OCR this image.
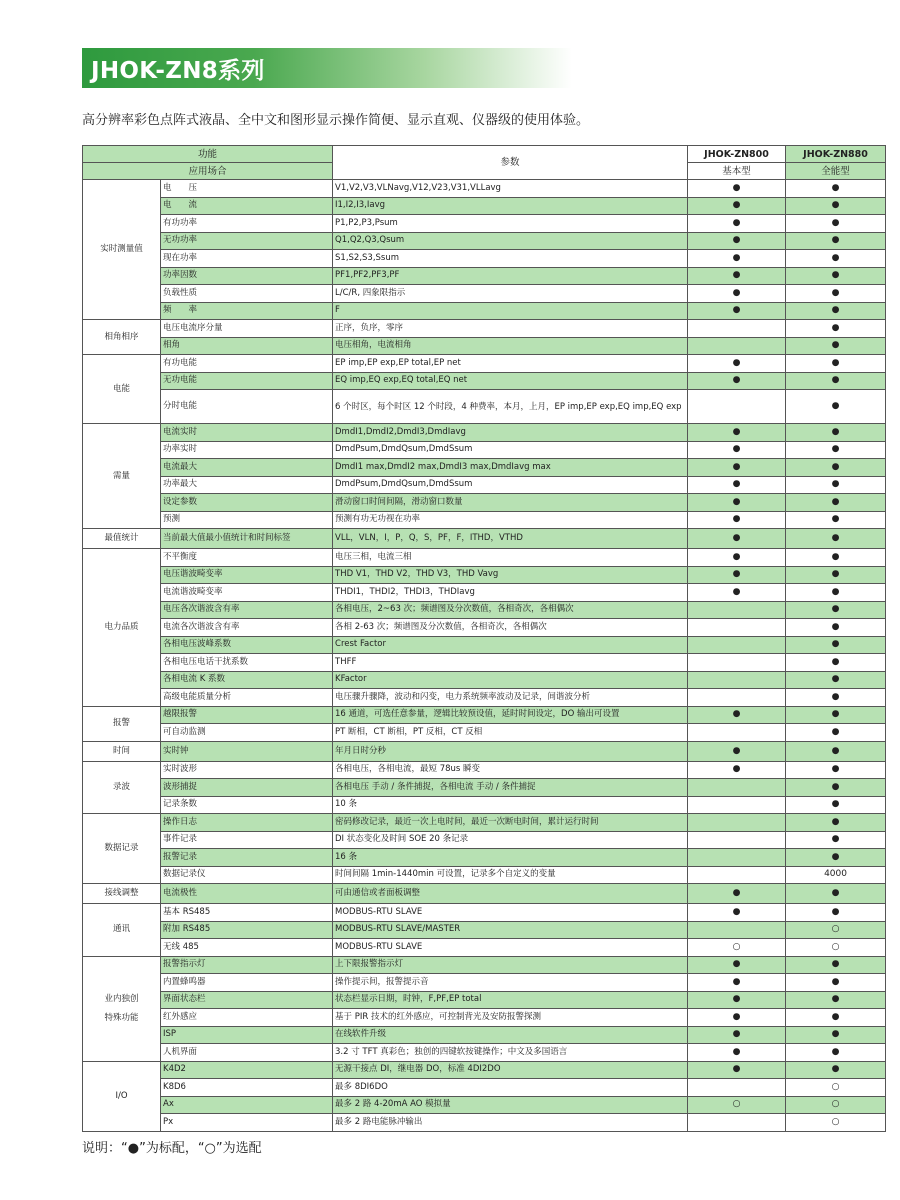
JHOK-ZN8系列
高分辨率彩色点阵式液晶、全中文和图形显示操作简便、显示直观、仪器级的使用体验。
功能		参数	JHOK-ZN800	JHOK-ZN880
应用场合			基本型	全能型
实时测量值	电　　压	V1,V2,V3,VLNavg,V12,V23,V31,VLLavg	●	●
	电　　流	I1,I2,I3,Iavg	●	●
	有功功率	P1,P2,P3,Psum	●	●
	无功功率	Q1,Q2,Q3,Qsum	●	●
	现在功率	S1,S2,S3,Ssum	●	●
	功率因数	PF1,PF2,PF3,PF	●	●
	负载性质	L/C/R, 四象限指示	●	●
	频　　率	F	●	●
相角相序	电压电流序分量	正序，负序，零序		●
	相角	电压相角，电流相角		●
电能	有功电能	EP imp,EP exp,EP total,EP net	●	●
	无功电能	EQ imp,EQ exp,EQ total,EQ net	●	●
	分时电能	6 个时区，每个时区 12 个时段，4 种费率，本月，上月，EP imp,EP exp,EQ imp,EQ exp		●
需量	电流实时	DmdI1,DmdI2,DmdI3,DmdIavg	●	●
	功率实时	DmdPsum,DmdQsum,DmdSsum	●	●
	电流最大	DmdI1 max,DmdI2 max,DmdI3 max,DmdIavg max	●	●
	功率最大	DmdPsum,DmdQsum,DmdSsum	●	●
	设定参数	滑动窗口时间间隔，滑动窗口数量	●	●
	预测	预测有功无功视在功率	●	●
最值统计	当前最大值最小值统计和时间标签	VLL，VLN，I，P，Q，S，PF，F，ITHD，VTHD	●	●
电力品质	不平衡度	电压三相，电流三相	●	●
	电压谐波畸变率	THD V1，THD V2，THD V3，THD Vavg	●	●
	电流谐波畸变率	THDI1，THDI2，THDI3，THDIavg	●	●
	电压各次谐波含有率	各相电压，2~63 次；频谱图及分次数值，各相奇次，各相偶次		●
	电流各次谐波含有率	各相 2-63 次；频谱图及分次数值，各相奇次，各相偶次		●
	各相电压波峰系数	Crest Factor		●
	各相电压电话干扰系数	THFF		●
	各相电流 K 系数	KFactor		●
	高级电能质量分析	电压骤升骤降，波动和闪变，电力系统频率波动及记录，间谐波分析		●
报警	越限报警	16 通道，可选任意参量，逻辑比较预设值，延时时间设定，DO 输出可设置	●	●
	可自动监测	PT 断相，CT 断相，PT 反相，CT 反相		●
时间	实时钟	年月日时分秒	●	●
录波	实时波形	各相电压，各相电流，最短 78us 瞬变	●	●
	波形捕捉	各相电压 手动 / 条件捕捉，各相电流 手动 / 条件捕捉		●
	记录条数	10 条		●
数据记录	操作日志	密码修改记录，最近一次上电时间，最近一次断电时间，累计运行时间		●
	事件记录	DI 状态变化及时间 SOE 20 条记录		●
	报警记录	16 条		●
	数据记录仪	时间间隔 1min-1440min 可设置，记录多个自定义的变量		4000
接线调整	电流极性	可由通信或者面板调整	●	●
通讯	基本 RS485	MODBUS-RTU SLAVE	●	●
	附加 RS485	MODBUS-RTU SLAVE/MASTER		○
	无线 485	MODBUS-RTU SLAVE	○	○
业内独创
特殊功能	报警指示灯	上下限报警指示灯	●	●
	内置蜂鸣器	操作提示间，报警提示音	●	●
	界面状态栏	状态栏显示日期，时钟，F,PF,EP total	●	●
	红外感应	基于 PIR 技术的红外感应，可控制背光及安防报警探测	●	●
	ISP	在线软件升级	●	●
	人机界面	3.2 寸 TFT 真彩色；独创的四键软按键操作；中文及多国语言	●	●
I/O	K4D2	无源干接点 DI，继电器 DO，标准 4DI2DO	●	●
	K8D6	最多 8DI6DO		○
	Ax	最多 2 路 4-20mA AO 模拟量	○	○
	Px	最多 2 路电能脉冲输出		○
说明：“●”为标配，“○”为选配
